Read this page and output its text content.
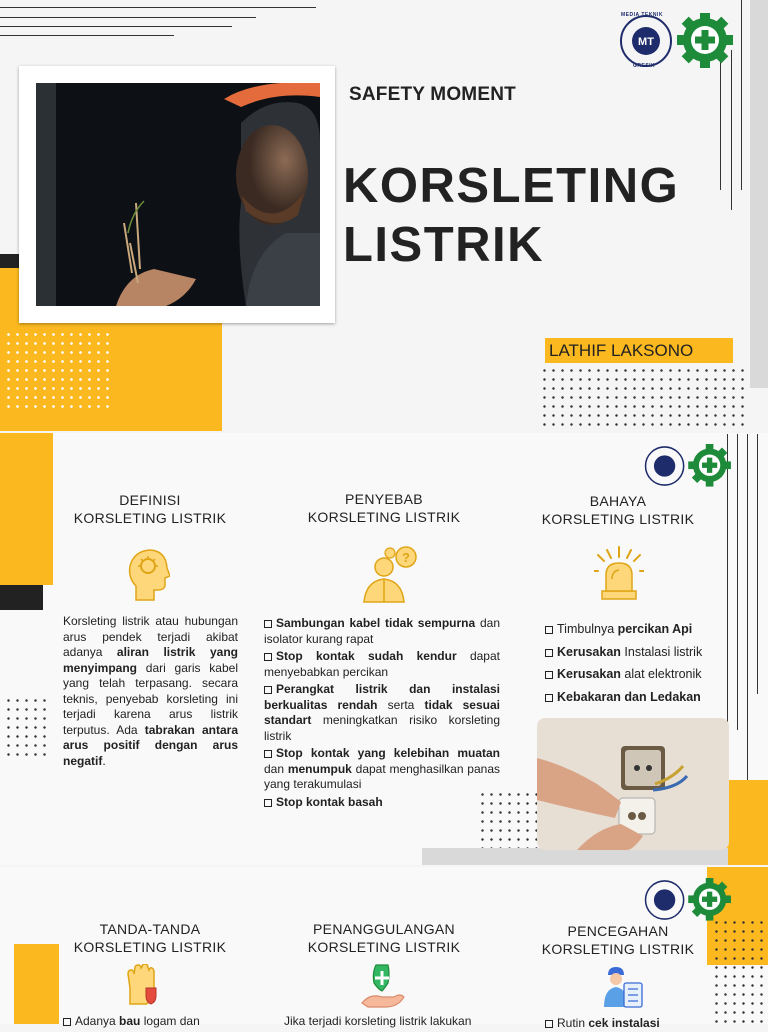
SAFETY MOMENT
KORSLETING
LISTRIK
LATHIF LAKSONO
MT
MEDIA TEKNIK
GRESIK
DEFINISI
KORSLETING LISTRIK
Korsleting listrik atau hubungan arus pendek terjadi akibat adanya aliran listrik yang menyimpang dari garis kabel yang telah terpasang. secara teknis, penyebab korsleting ini terjadi karena arus listrik terputus. Ada tabrakan antara arus positif dengan arus negatif.
PENYEBAB
KORSLETING LISTRIK
?
Sambungan kabel tidak sempurna dan isolator kurang rapat
Stop kontak sudah kendur dapat menyebabkan percikan
Perangkat listrik dan instalasi berkualitas rendah serta tidak sesuai standart meningkatkan risiko korsleting listrik
Stop kontak yang kelebihan muatan dan menumpuk dapat menghasilkan panas yang terakumulasi
Stop kontak basah
BAHAYA
KORSLETING LISTRIK
Timbulnya percikan Api
Kerusakan Instalasi listrik
Kerusakan alat elektronik
Kebakaran dan Ledakan
TANDA-TANDA
KORSLETING LISTRIK
Adanya bau logam dan
PENANGGULANGAN
KORSLETING LISTRIK
Jika terjadi korsleting listrik lakukan
PENCEGAHAN
KORSLETING LISTRIK
Rutin cek instalasi
